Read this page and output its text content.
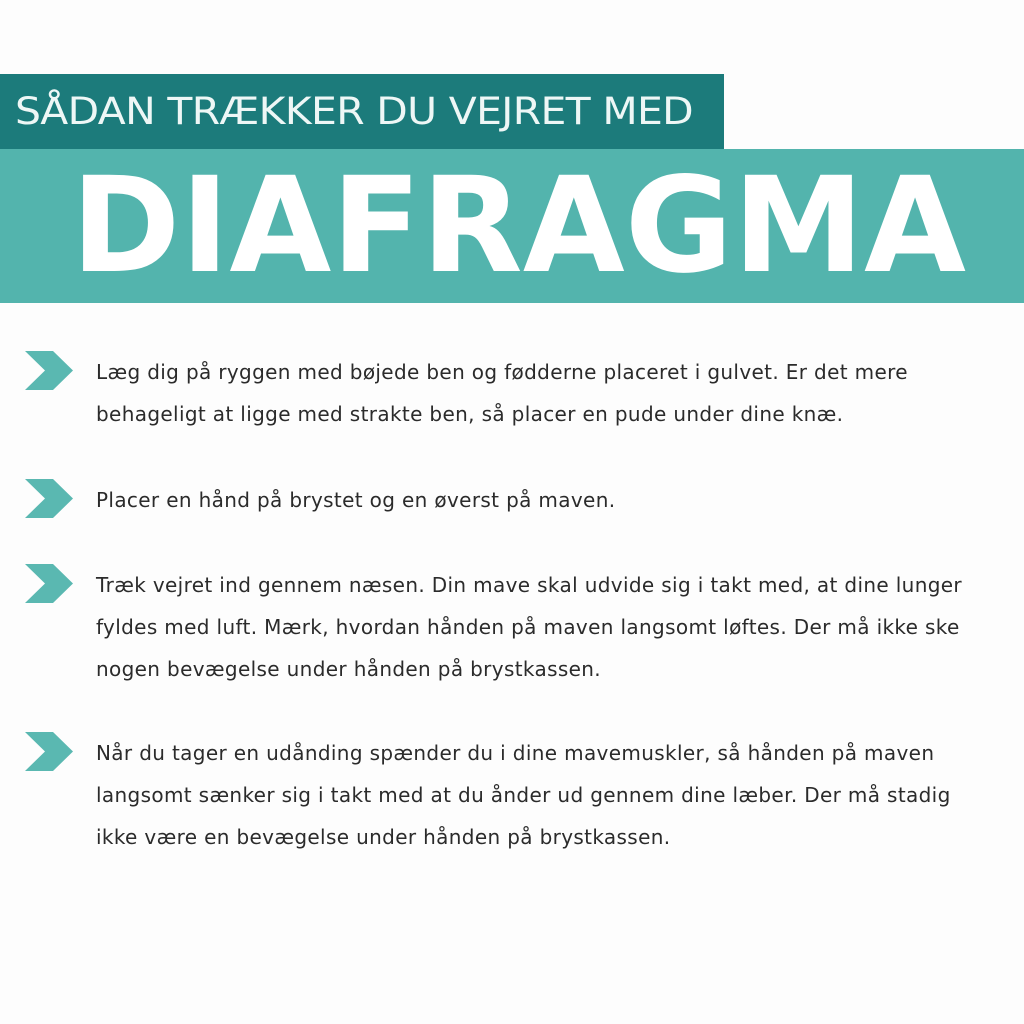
SÅDAN TRÆKKER DU VEJRET MED
DIAFRAGMA
Læg dig på ryggen med bøjede ben og fødderne placeret i gulvet. Er det mere
behageligt at ligge med strakte ben, så placer en pude under dine knæ.
Placer en hånd på brystet og en øverst på maven.
Træk vejret ind gennem næsen. Din mave skal udvide sig i takt med, at dine lunger
fyldes med luft. Mærk, hvordan hånden på maven langsomt løftes. Der må ikke ske
nogen bevægelse under hånden på brystkassen.
Når du tager en udånding spænder du i dine mavemuskler, så hånden på maven
langsomt sænker sig i takt med at du ånder ud gennem dine læber. Der må stadig
ikke være en bevægelse under hånden på brystkassen.
